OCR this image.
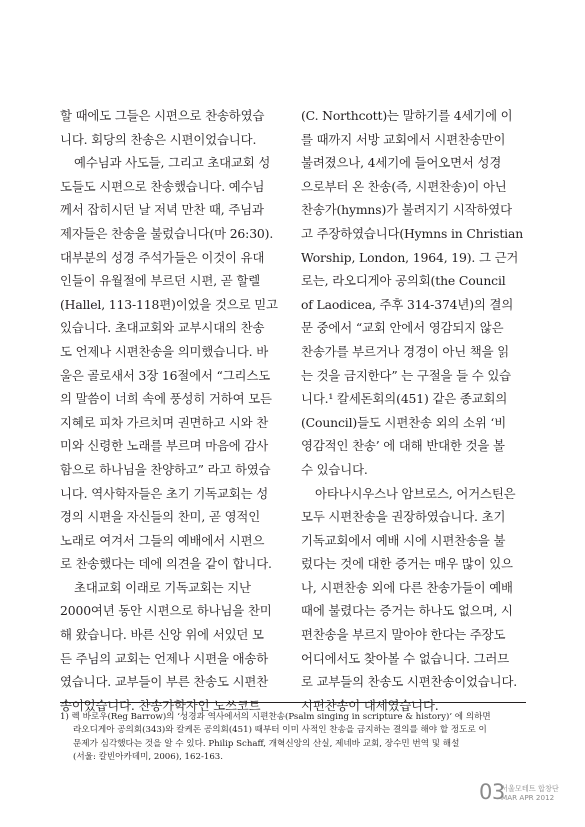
할 때에도 그들은 시편으로 찬송하였습
니다. 회당의 찬송은 시편이었습니다.
예수님과 사도들, 그리고 초대교회 성
도들도 시편으로 찬송했습니다. 예수님
께서 잡히시던 날 저녁 만찬 때, 주님과
제자들은 찬송을 불렀습니다(마 26:30).
대부분의 성경 주석가들은 이것이 유대
인들이 유월절에 부르던 시편, 곧 할렐
(Hallel, 113-118편)이었을 것으로 믿고
있습니다. 초대교회와 교부시대의 찬송
도 언제나 시편찬송을 의미했습니다. 바
울은 골로새서 3장 16절에서 “그리스도
의 말씀이 너희 속에 풍성히 거하여 모든
지혜로 피차 가르치며 권면하고 시와 찬
미와 신령한 노래를 부르며 마음에 감사
함으로 하나님을 찬양하고” 라고 하였습
니다. 역사학자들은 초기 기독교회는 성
경의 시편을 자신들의 찬미, 곧 영적인
노래로 여겨서 그들의 예배에서 시편으
로 찬송했다는 데에 의견을 같이 합니다.
초대교회 이래로 기독교회는 지난
2000여년 동안 시편으로 하나님을 찬미
해 왔습니다. 바른 신앙 위에 서있던 모
든 주님의 교회는 언제나 시편을 애송하
였습니다. 교부들이 부른 찬송도 시편찬
송이었습니다. 찬송가학자인 노쓰코트
(C. Northcott)는 말하기를 4세기에 이
를 때까지 서방 교회에서 시편찬송만이
불려졌으나, 4세기에 들어오면서 성경
으로부터 온 찬송(즉, 시편찬송)이 아닌
찬송가(hymns)가 불려지기 시작하였다
고 주장하였습니다(Hymns in Christian
Worship, London, 1964, 19). 그 근거
로는, 라오디게아 공의회(the Council
of Laodicea, 주후 314-374년)의 결의
문 중에서 “교회 안에서 영감되지 않은
찬송가를 부르거나 경경이 아닌 책을 읽
는 것을 금지한다” 는 구절을 들 수 있습
니다.¹ 칼세돈회의(451) 같은 종교회의
(Council)들도 시편찬송 외의 소위 ‘비
영감적인 찬송’ 에 대해 반대한 것을 볼
수 있습니다.
아타나시우스나 암브로스, 어거스틴은
모두 시편찬송을 권장하였습니다. 초기
기독교회에서 예배 시에 시편찬송을 불
렀다는 것에 대한 증거는 매우 많이 있으
나, 시편찬송 외에 다른 찬송가들이 예배
때에 불렸다는 증거는 하나도 없으며, 시
편찬송을 부르지 말아야 한다는 주장도
어디에서도 찾아볼 수 없습니다. 그러므
로 교부들의 찬송도 시편찬송이었습니다.
시편찬송이 대세였습니다.
1) 렉 바로우(Reg Barrow)의 ‘성경과 역사에서의 시편찬송(Psalm singing in scripture & history)’ 에 의하면
라오디게아 공의회(343)와 칼케돈 공의회(451) 때부터 이미 사적인 찬송을 금지하는 결의를 해야 할 정도로 이
문제가 심각했다는 것을 알 수 있다. Philip Schaff, 개혁신앙의 산실, 제네바 교회, 장수민 번역 및 해설
(서울: 칼빈아카데미, 2006), 162-163.
03
서울모테트 합창단
MAR APR 2012
